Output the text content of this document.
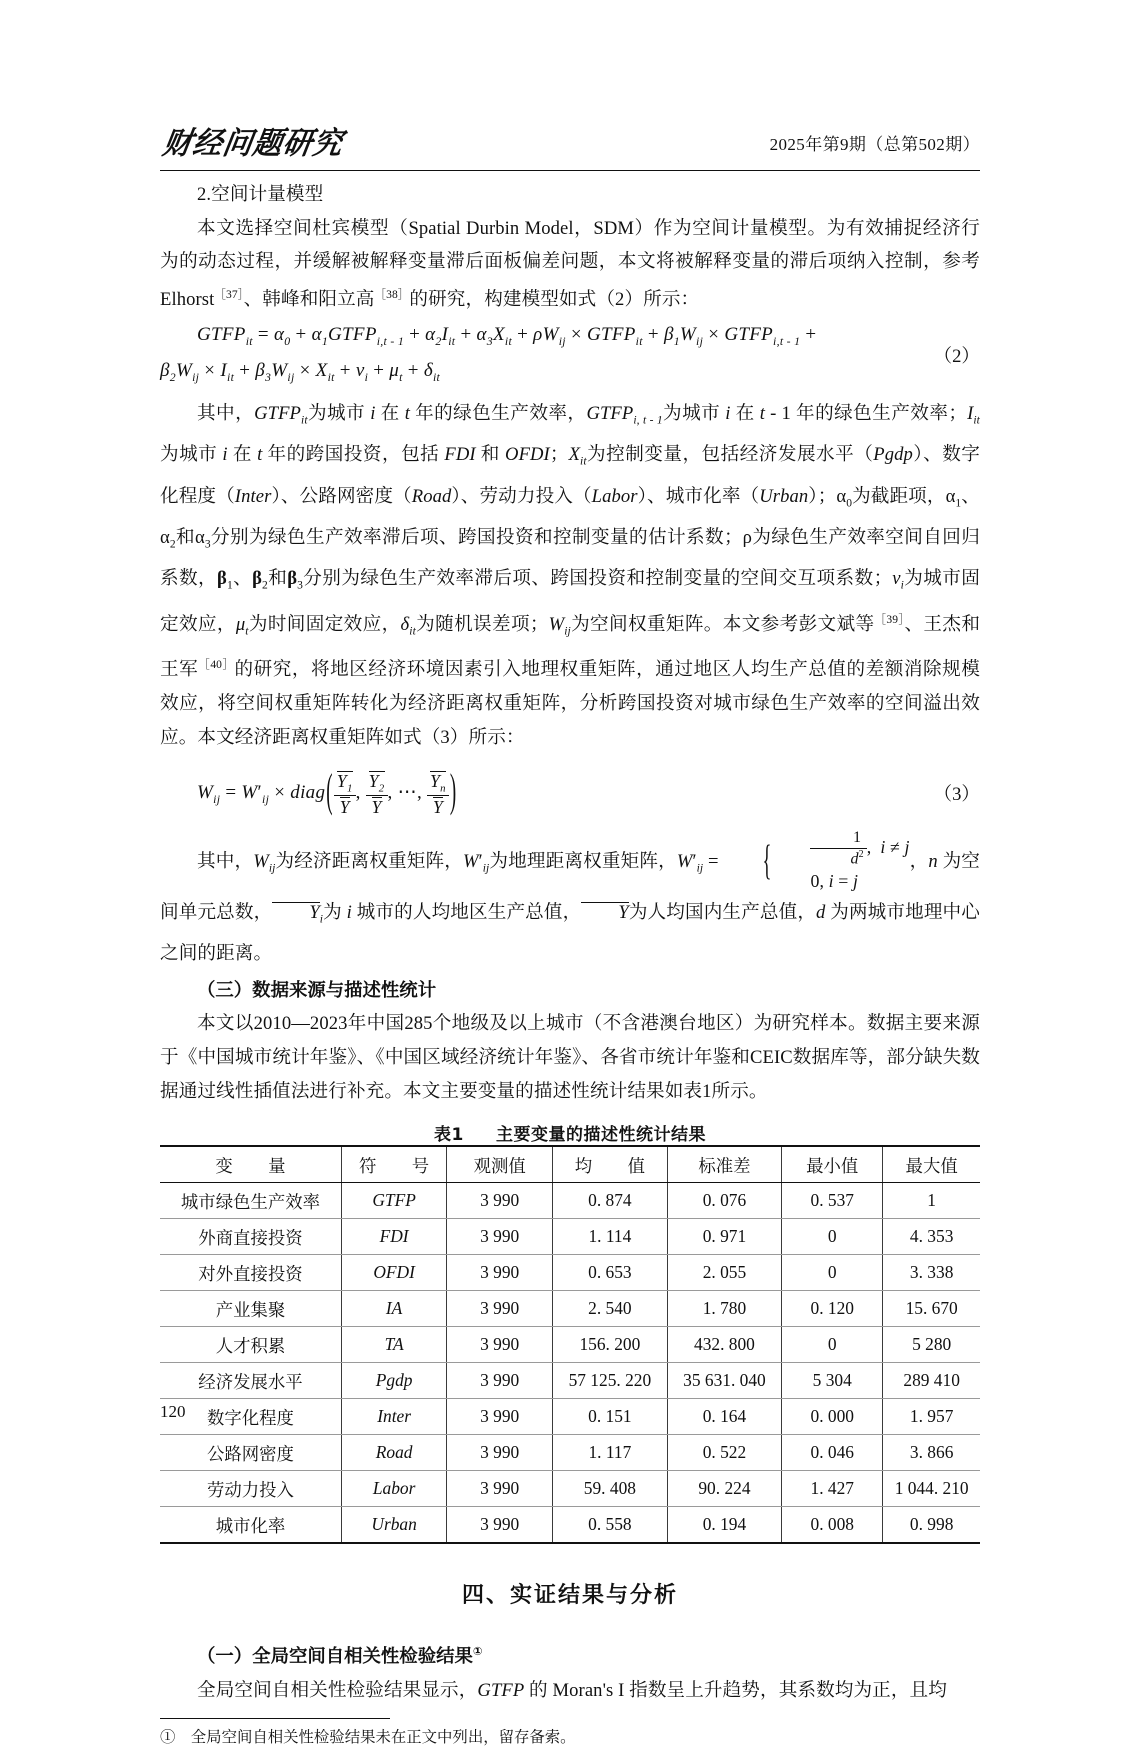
财经问题研究	2025年第9期（总第502期）

2.空间计量模型

本文选择空间杜宾模型（Spatial Durbin Model，SDM）作为空间计量模型。为有效捕捉经济行为的动态过程，并缓解被解释变量滞后面板偏差问题，本文将被解释变量的滞后项纳入控制，参考 Elhorst$^{[37]}$、韩峰和阳立高$^{[38]}$的研究，构建模型如式（2）所示：

$GTFP_{it} = \alpha_0$ + $\alpha_1GTFP_{i,t - 1} + \alpha_2I_{it} + \alpha_3X_{it} + \rho W_{ij}$ × $GTFP_{it} + \beta_1W_{ij}$ × $GTFP_{i,t - 1}$ +
$\beta_2W_{ij} \times I_{it} + \beta_3W_{ij} \times X_{it} + \nu_i + \mu_t + \delta_{it}$
（2）

其中，$GTFP_{it}$为城市 i 在 t 年的绿色生产效率，$GTFP_{i, t - 1}$为城市 i 在 t - 1 年的绿色生产效率；$I_{it}$为城市 i 在 t 年的跨国投资，包括 FDI 和 OFDI；$X_{it}$为控制变量，包括经济发展水平（Pgdp）、数字化程度（Inter）、公路网密度（Road）、劳动力投入（Labor）、城市化率（Urban）；$\alpha_0$为截距项，$\alpha_1$、$\alpha_2$和$\alpha_3$分别为绿色生产效率滞后项、跨国投资和控制变量的估计系数；ρ为绿色生产效率空间自回归系数，$\beta_1$、$\beta_2$和$\beta_3$分别为绿色生产效率滞后项、跨国投资和控制变量的空间交互项系数；$\nu_i$为城市固定效应，$\mu_t$为时间固定效应，$\delta_{it}$为随机误差项；$W_{ij}$为空间权重矩阵。本文参考彭文斌等$^{[39]}$、王杰和王军$^{[40]}$的研究，将地区经济环境因素引入地理权重矩阵，通过地区人均生产总值的差额消除规模效应，将空间权重矩阵转化为经济距离权重矩阵，分析跨国投资对城市绿色生产效率的空间溢出效应。本文经济距离权重矩阵如式（3）所示：

$W_{ij} = W'_{ij}$ × diag( $\frac{Y_1}{Y}$ , $\frac{Y_2}{Y}$ , ⋯, $\frac{Y_n}{Y}$ )	（3）

其中，$W_{ij}$为经济距离权重矩阵，$W'_{ij}$为地理距离权重矩阵，$W'_{ij}$ = { $\frac{1}{d^2}$ , i ≠ j
0, i = j
，n 为空间单元总数， $Y_i$为 i 城市的人均地区生产总值， Y为人均国内生产总值，d 为两城市地理中心之间的距离。

（三）数据来源与描述性统计

本文以2010—2023年中国285个地级及以上城市（不含港澳台地区）为研究样本。数据主要来源于《中国城市统计年鉴》、《中国区域经济统计年鉴》、各省市统计年鉴和CEIC数据库等，部分缺失数据通过线性插值法进行补充。本文主要变量的描述性统计结果如表1所示。

表1 主要变量的描述性统计结果

变　量	符　号	观测值	均　值	标准差	最小值	最大值
城市绿色生产效率	GTFP	3 990	0. 874	0. 076	0. 537	1
外商直接投资	FDI	3 990	1. 114	0. 971	0	4. 353
对外直接投资	OFDI	3 990	0. 653	2. 055	0	3. 338
产业集聚	IA	3 990	2. 540	1. 780	0. 120	15. 670
人才积累	TA	3 990	156. 200	432. 800	0	5 280
经济发展水平	Pgdp	3 990	57 125. 220	35 631. 040	5 304	289 410
数字化程度	Inter	3 990	0. 151	0. 164	0. 000	1. 957
公路网密度	Road	3 990	1. 117	0. 522	0. 046	3. 866
劳动力投入	Labor	3 990	59. 408	90. 224	1. 427	1 044. 210
城市化率	Urban	3 990	0. 558	0. 194	0. 008	0. 998

四、实证结果与分析

（一）全局空间自相关性检验结果①

全局空间自相关性检验结果显示，GTFP 的 Moran's I 指数呈上升趋势，其系数均为正，且均

①　全局空间自相关性检验结果未在正文中列出，留存备索。

120
